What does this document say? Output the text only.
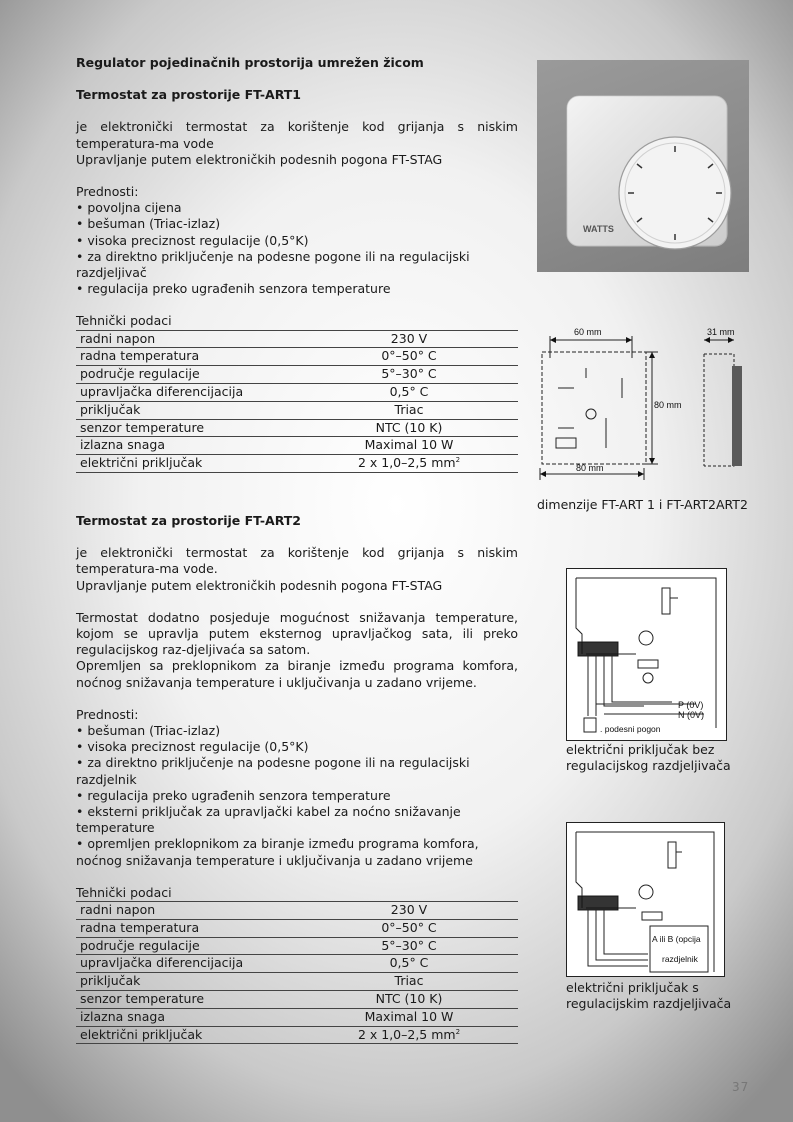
Regulator pojedinačnih prostorija umrežen žicom

Termostat za prostorije FT-ART1

je elektronički termostat za korištenje kod grijanja s niskim temperatura-ma vode

Upravljanje putem elektroničkih podesnih pogona FT-STAG

Prednosti:

• povoljna cijena
• bešuman (Triac-izlaz)
• visoka preciznost regulacije (0,5°K)
• za direktno priključenje na podesne pogone ili na regulacijski razdjeljivač
• regulacija preko ugrađenih senzora temperature

Tehnički podaci

radni napon	230 V
radna temperatura	0°–50° C
područje regulacije	5°–30° C
upravljačka diferencijacija	0,5° C
priključak	Triac
senzor temperature	NTC (10 K)
izlazna snaga	Maximal 10 W
električni priključak	2 x 1,0–2,5 $mm^2$

Termostat za prostorije FT-ART2

je elektronički termostat za korištenje kod grijanja s niskim temperatura-ma vode.

Upravljanje putem elektroničkih podesnih pogona FT-STAG

Termostat dodatno posjeduje mogućnost snižavanja temperature, kojom se upravlja putem eksternog upravljačkog sata, ili preko regulacijskog raz-djeljivaća sa satom.

Opremljen sa preklopnikom za biranje između programa komfora, noćnog snižavanja temperature i uključivanja u zadano vrijeme.

Prednosti:

• bešuman (Triac-izlaz)
• visoka preciznost regulacije (0,5°K)
• za direktno priključenje na podesne pogone ili na regulacijski razdjelnik
• regulacija preko ugrađenih senzora temperature
• eksterni priključak za upravljački kabel za noćno snižavanje temperature
• opremljen preklopnikom za biranje između programa komfora, noćnog snižavanja temperature i uključivanja u zadano vrijeme

Tehnički podaci

radni napon	230 V
radna temperatura	0°–50° C
područje regulacije	5°–30° C
upravljačka diferencijacija	0,5° C
priključak	Triac
senzor temperature	NTC (10 K)
izlazna snaga	Maximal 10 W
električni priključak	2 x 1,0–2,5 $mm^2$
WATTS
60 mm
80 mm
80 mm
31 mm
dimenzije FT-ART 1 i FT-ART2ART2
P (0V)
N (0V)
. podesni pogon
električni priključak bez
regulacijskog razdjeljivača
A ili B (opcija
razdjelnik
električni priključak s
regulacijskim razdjeljivača
37
